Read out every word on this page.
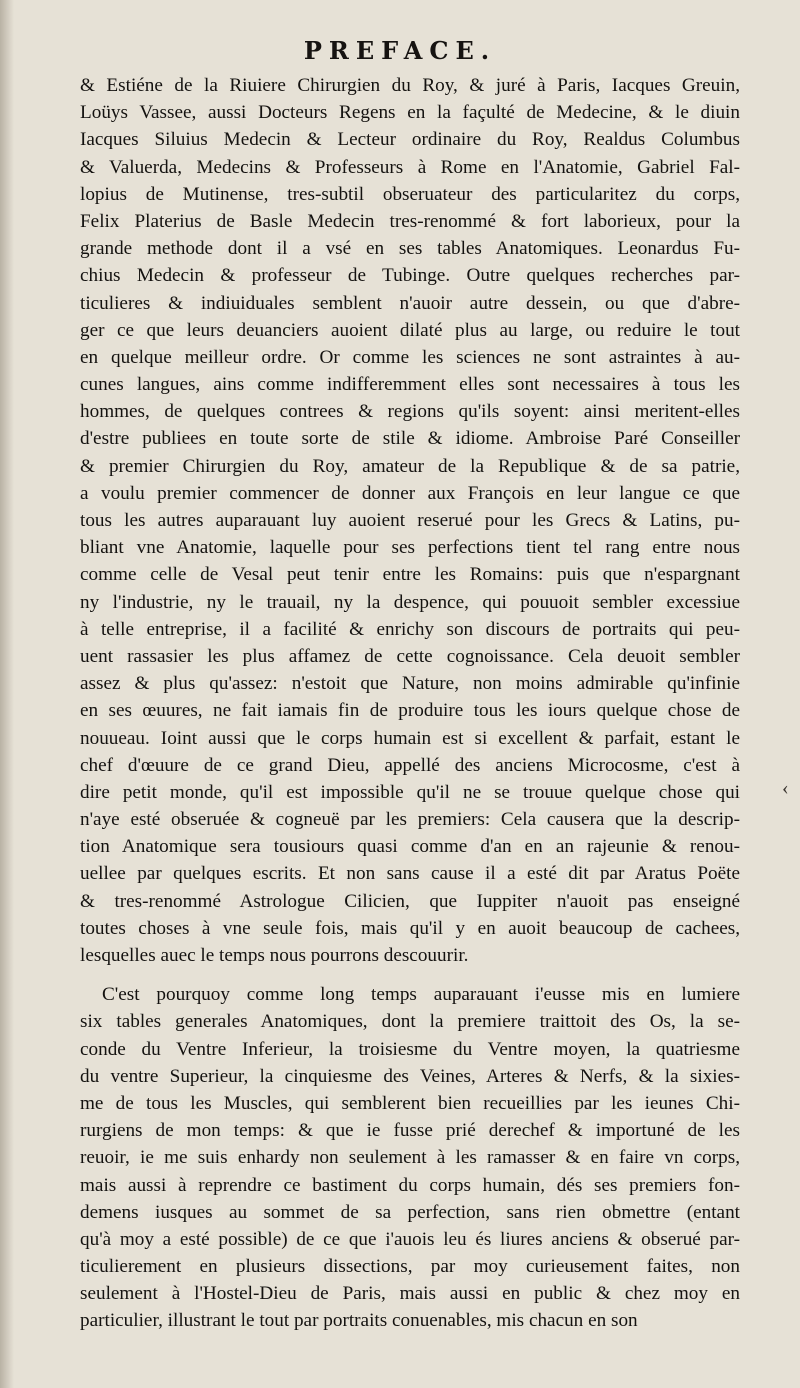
PREFACE.
& Estiéne de la Riuiere Chirurgien du Roy, & juré à Paris, Iacques Greuin,
Loüys Vassee, aussi Docteurs Regens en la façulté de Medecine, & le diuin
Iacques Siluius Medecin & Lecteur ordinaire du Roy, Realdus Columbus
& Valuerda, Medecins & Professeurs à Rome en l'Anatomie, Gabriel Fal-
lopius de Mutinense, tres-subtil obseruateur des particularitez du corps,
Felix Platerius de Basle Medecin tres-renommé & fort laborieux, pour la
grande methode dont il a vsé en ses tables Anatomiques. Leonardus Fu-
chius Medecin & professeur de Tubinge. Outre quelques recherches par-
ticulieres & indiuiduales semblent n'auoir autre dessein, ou que d'abre-
ger ce que leurs deuanciers auoient dilaté plus au large, ou reduire le tout
en quelque meilleur ordre. Or comme les sciences ne sont astraintes à au-
cunes langues, ains comme indifferemment elles sont necessaires à tous les
hommes, de quelques contrees & regions qu'ils soyent: ainsi meritent-elles
d'estre publiees en toute sorte de stile & idiome. Ambroise Paré Conseiller
& premier Chirurgien du Roy, amateur de la Republique & de sa patrie,
a voulu premier commencer de donner aux François en leur langue ce que
tous les autres auparauant luy auoient reserué pour les Grecs & Latins, pu-
bliant vne Anatomie, laquelle pour ses perfections tient tel rang entre nous
comme celle de Vesal peut tenir entre les Romains: puis que n'espargnant
ny l'industrie, ny le trauail, ny la despence, qui pouuoit sembler excessiue
à telle entreprise, il a facilité & enrichy son discours de portraits qui peu-
uent rassasier les plus affamez de cette cognoissance. Cela deuoit sembler
assez & plus qu'assez: n'estoit que Nature, non moins admirable qu'infinie
en ses œuures, ne fait iamais fin de produire tous les iours quelque chose de
nouueau. Ioint aussi que le corps humain est si excellent & parfait, estant le
chef d'œuure de ce grand Dieu, appellé des anciens Microcosme, c'est à
dire petit monde, qu'il est impossible qu'il ne se trouue quelque chose qui
n'aye esté obseruée & cogneuë par les premiers: Cela causera que la descrip-
tion Anatomique sera tousiours quasi comme d'an en an rajeunie & renou-
uellee par quelques escrits. Et non sans cause il a esté dit par Aratus Poëte
& tres-renommé Astrologue Cilicien, que Iuppiter n'auoit pas enseigné
toutes choses à vne seule fois, mais qu'il y en auoit beaucoup de cachees,
lesquelles auec le temps nous pourrons descouurir.
C'est pourquoy comme long temps auparauant i'eusse mis en lumiere
six tables generales Anatomiques, dont la premiere traittoit des Os, la se-
conde du Ventre Inferieur, la troisiesme du Ventre moyen, la quatriesme
du ventre Superieur, la cinquiesme des Veines, Arteres & Nerfs, & la sixies-
me de tous les Muscles, qui semblerent bien recueillies par les ieunes Chi-
rurgiens de mon temps: & que ie fusse prié derechef & importuné de les
reuoir, ie me suis enhardy non seulement à les ramasser & en faire vn corps,
mais aussi à reprendre ce bastiment du corps humain, dés ses premiers fon-
demens iusques au sommet de sa perfection, sans rien obmettre (entant
qu'à moy a esté possible) de ce que i'auois leu és liures anciens & obserué par-
ticulierement en plusieurs dissections, par moy curieusement faites, non
seulement à l'Hostel-Dieu de Paris, mais aussi en public & chez moy en
particulier, illustrant le tout par portraits conuenables, mis chacun en son
‹
